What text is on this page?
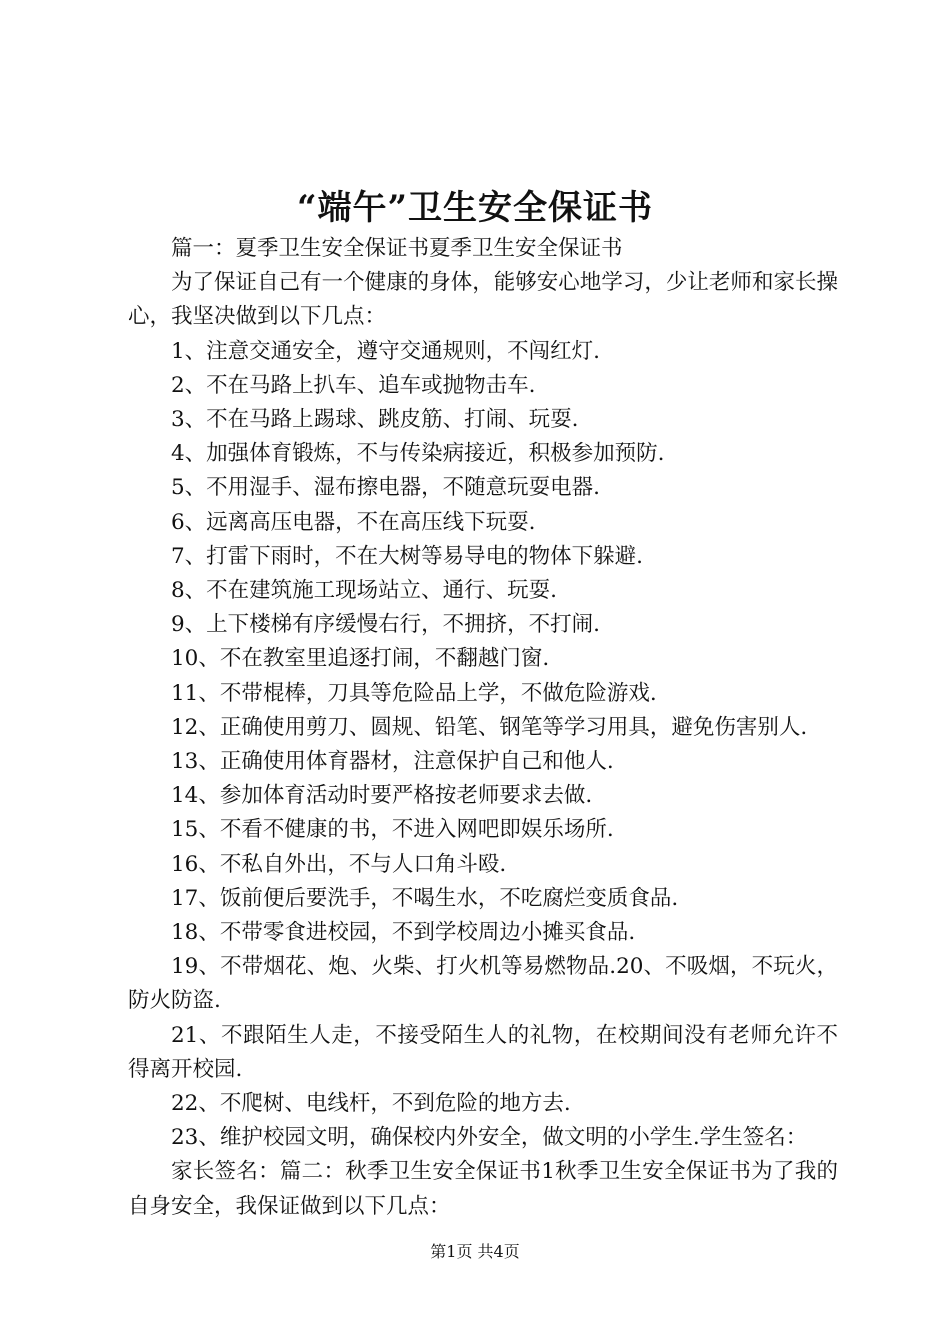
“端午”卫生安全保证书

篇一：夏季卫生安全保证书夏季卫生安全保证书

为了保证自己有一个健康的身体，能够安心地学习，少让老师和家长操心，我坚决做到以下几点：

1、注意交通安全，遵守交通规则，不闯红灯.

2、不在马路上扒车、追车或抛物击车.

3、不在马路上踢球、跳皮筋、打闹、玩耍.

4、加强体育锻炼，不与传染病接近，积极参加预防.

5、不用湿手、湿布擦电器，不随意玩耍电器.

6、远离高压电器，不在高压线下玩耍.

7、打雷下雨时，不在大树等易导电的物体下躲避.

8、不在建筑施工现场站立、通行、玩耍.

9、上下楼梯有序缓慢右行，不拥挤，不打闹.

10、不在教室里追逐打闹，不翻越门窗.

11、不带棍棒，刀具等危险品上学，不做危险游戏.

12、正确使用剪刀、圆规、铅笔、钢笔等学习用具，避免伤害别人.

13、正确使用体育器材，注意保护自己和他人.

14、参加体育活动时要严格按老师要求去做.

15、不看不健康的书，不进入网吧即娱乐场所.

16、不私自外出，不与人口角斗殴.

17、饭前便后要洗手，不喝生水，不吃腐烂变质食品.

18、不带零食进校园，不到学校周边小摊买食品.

19、不带烟花、炮、火柴、打火机等易燃物品.20、不吸烟，不玩火，防火防盗.

21、不跟陌生人走，不接受陌生人的礼物，在校期间没有老师允许不得离开校园.

22、不爬树、电线杆，不到危险的地方去.

23、维护校园文明，确保校内外安全，做文明的小学生.学生签名：

家长签名：篇二：秋季卫生安全保证书1秋季卫生安全保证书为了我的自身安全，我保证做到以下几点：

第1页 共4页
